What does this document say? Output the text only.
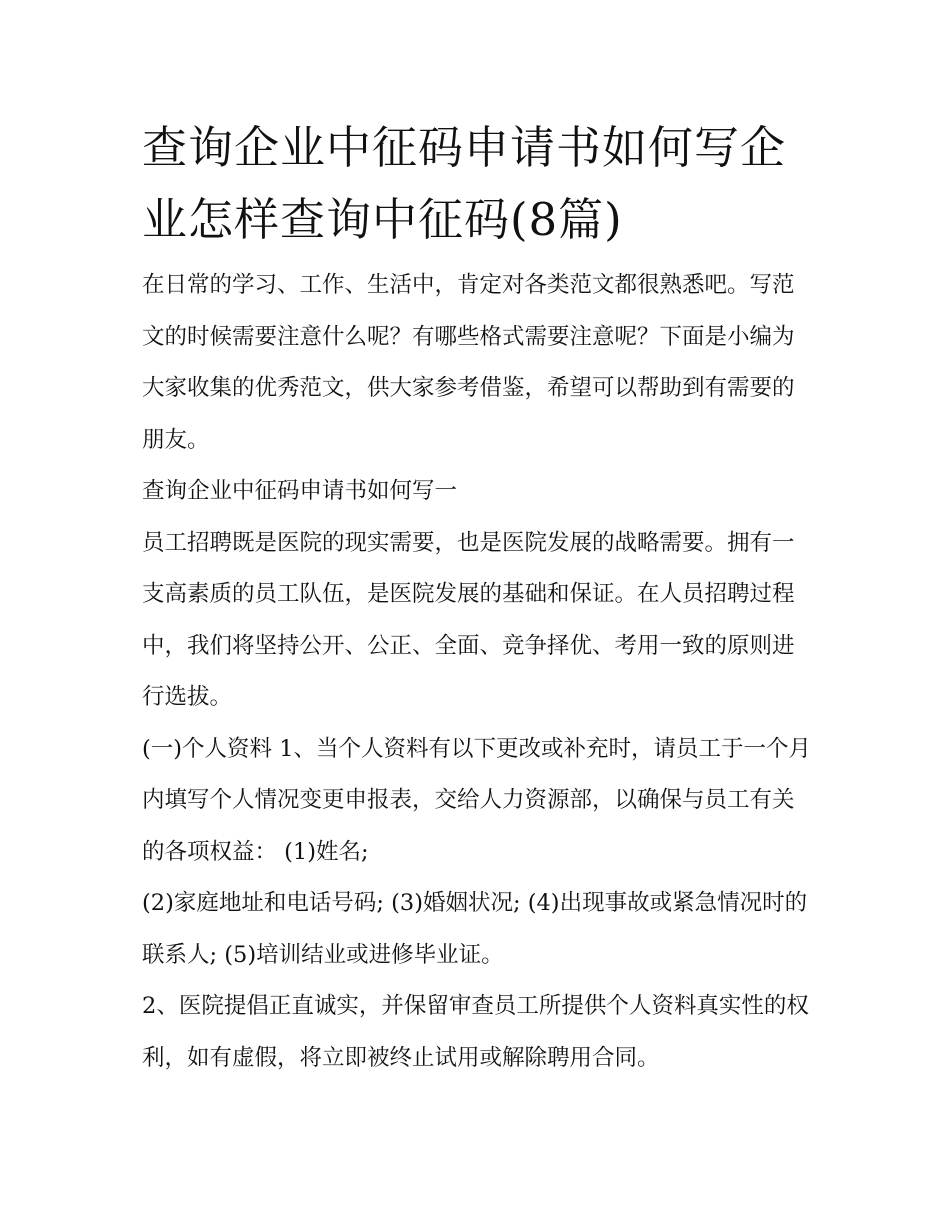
查询企业中征码申请书如何写企业怎样查询中征码(8篇)

在日常的学习、工作、生活中，肯定对各类范文都很熟悉吧。写范文的时候需要注意什么呢？有哪些格式需要注意呢？下面是小编为大家收集的优秀范文，供大家参考借鉴，希望可以帮助到有需要的朋友。

查询企业中征码申请书如何写一

员工招聘既是医院的现实需要，也是医院发展的战略需要。拥有一支高素质的员工队伍，是医院发展的基础和保证。在人员招聘过程中，我们将坚持公开、公正、全面、竞争择优、考用一致的原则进行选拔。

(一)个人资料 1、当个人资料有以下更改或补充时，请员工于一个月内填写个人情况变更申报表，交给人力资源部，以确保与员工有关的各项权益： (1)姓名;

(2)家庭地址和电话号码; (3)婚姻状况; (4)出现事故或紧急情况时的联系人; (5)培训结业或进修毕业证。

2、医院提倡正直诚实，并保留审查员工所提供个人资料真实性的权利，如有虚假，将立即被终止试用或解除聘用合同。
